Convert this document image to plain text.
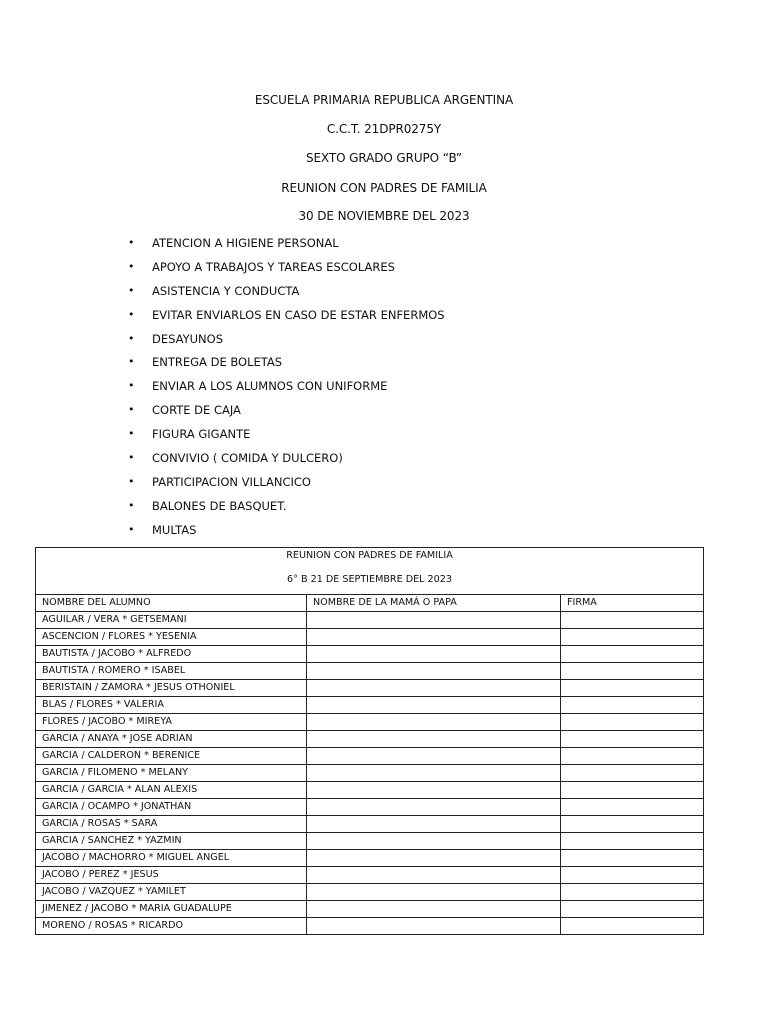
ESCUELA PRIMARIA REPUBLICA ARGENTINA
C.C.T. 21DPR0275Y
SEXTO GRADO GRUPO “B”
REUNION CON PADRES DE FAMILIA
30 DE NOVIEMBRE DEL 2023
• ATENCION A HIGIENE PERSONAL
• APOYO A TRABAJOS Y TAREAS ESCOLARES
• ASISTENCIA Y CONDUCTA
• EVITAR ENVIARLOS EN CASO DE ESTAR ENFERMOS
• DESAYUNOS
• ENTREGA DE BOLETAS
• ENVIAR A LOS ALUMNOS CON UNIFORME
• CORTE DE CAJA
• FIGURA GIGANTE
• CONVIVIO ( COMIDA Y DULCERO)
• PARTICIPACION VILLANCICO
• BALONES DE BASQUET.
• MULTAS
REUNION CON PADRES DE FAMILIA
6° B 21 DE SEPTIEMBRE DEL 2023		

NOMBRE DEL ALUMNO	NOMBRE DE LA MAMÁ O PAPA	FIRMA
AGUILAR / VERA * GETSEMANI		
ASCENCION / FLORES * YESENIA		
BAUTISTA / JACOBO * ALFREDO		
BAUTISTA / ROMERO * ISABEL		
BERISTAIN / ZAMORA * JESUS OTHONIEL		
BLAS / FLORES * VALERIA		
FLORES / JACOBO * MIREYA		
GARCIA / ANAYA * JOSE ADRIAN		
GARCIA / CALDERON * BERENICE		
GARCIA / FILOMENO * MELANY		
GARCIA / GARCIA * ALAN ALEXIS		
GARCIA / OCAMPO * JONATHAN		
GARCIA / ROSAS * SARA		
GARCIA / SANCHEZ * YAZMIN		
JACOBO / MACHORRO * MIGUEL ANGEL		
JACOBO / PEREZ * JESUS		
JACOBO / VAZQUEZ * YAMILET		
JIMENEZ / JACOBO * MARIA GUADALUPE		
MORENO / ROSAS * RICARDO		
